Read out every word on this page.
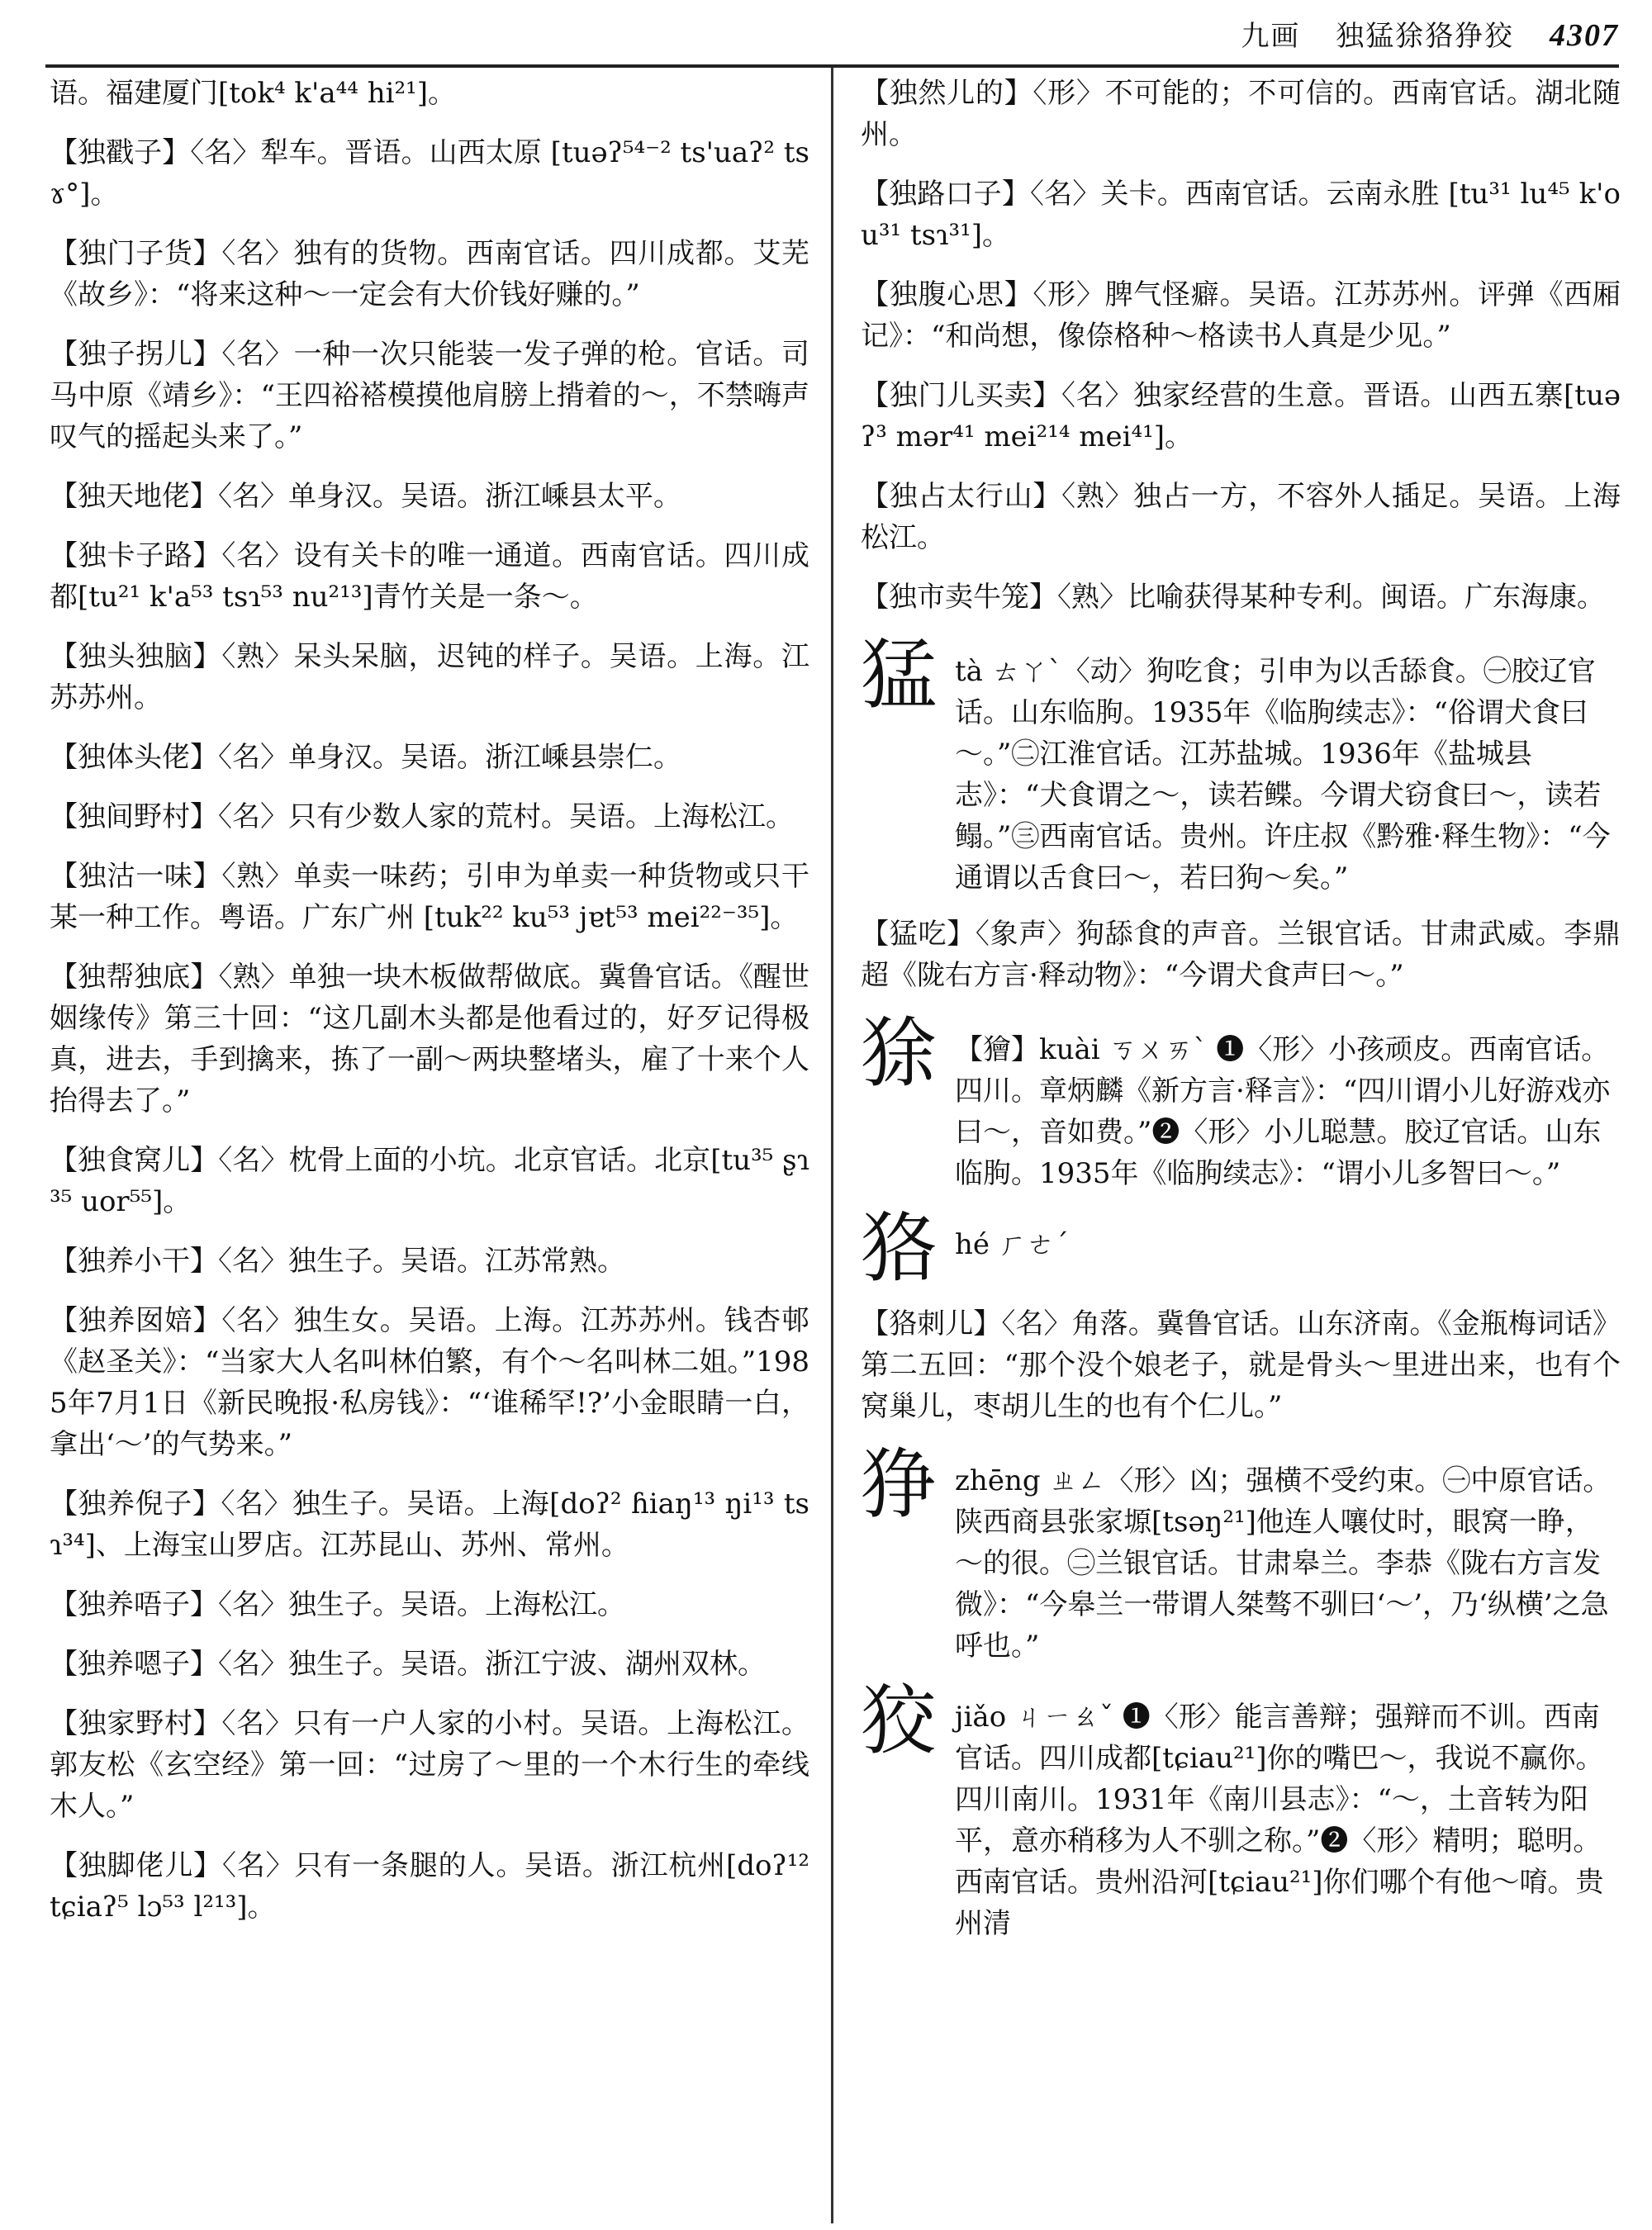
九画 独猛狳狢狰狡 4307

语。福建厦门[tok⁴ k'a⁴⁴ hi²¹]。

【独戳子】〈名〉犁车。晋语。山西太原 [tuəʔ⁵⁴⁻² ts'uaʔ² tsɤ°]。

【独门子货】〈名〉独有的货物。西南官话。四川成都。艾芜《故乡》：“将来这种～一定会有大价钱好赚的。”

【独子拐儿】〈名〉一种一次只能装一发子弹的枪。官话。司马中原《靖乡》：“王四裕褡模摸他肩膀上揹着的～，不禁嗨声叹气的摇起头来了。”

【独天地佬】〈名〉单身汉。吴语。浙江嵊县太平。

【独卡子路】〈名〉设有关卡的唯一通道。西南官话。四川成都[tu²¹ k'a⁵³ tsɿ⁵³ nu²¹³]青竹关是一条～。

【独头独脑】〈熟〉呆头呆脑，迟钝的样子。吴语。上海。江苏苏州。

【独体头佬】〈名〉单身汉。吴语。浙江嵊县崇仁。

【独间野村】〈名〉只有少数人家的荒村。吴语。上海松江。

【独沽一味】〈熟〉单卖一味药；引申为单卖一种货物或只干某一种工作。粤语。广东广州 [tuk²² ku⁵³ jɐt⁵³ mei²²⁻³⁵]。

【独帮独底】〈熟〉单独一块木板做帮做底。冀鲁官话。《醒世姻缘传》第三十回：“这几副木头都是他看过的，好歹记得极真，进去，手到擒来，拣了一副～两块整堵头，雇了十来个人抬得去了。”

【独食窝儿】〈名〉枕骨上面的小坑。北京官话。北京[tu³⁵ ʂɿ³⁵ uor⁵⁵]。

【独养小干】〈名〉独生子。吴语。江苏常熟。

【独养囡婄】〈名〉独生女。吴语。上海。江苏苏州。钱杏邨《赵圣关》：“当家大人名叫林伯繁，有个～名叫林二姐。”1985年7月1日《新民晚报·私房钱》：“‘谁稀罕!?’小金眼睛一白，拿出‘～’的气势来。”

【独养倪子】〈名〉独生子。吴语。上海[doʔ² ɦiaŋ¹³ ŋi¹³ tsɿ³⁴]、上海宝山罗店。江苏昆山、苏州、常州。

【独养唔子】〈名〉独生子。吴语。上海松江。

【独养嗯子】〈名〉独生子。吴语。浙江宁波、湖州双林。

【独家野村】〈名〉只有一户人家的小村。吴语。上海松江。郭友松《玄空经》第一回：“过房了～里的一个木行生的牵线木人。”

【独脚佬儿】〈名〉只有一条腿的人。吴语。浙江杭州[doʔ¹² tɕiaʔ⁵ lɔ⁵³ l²¹³]。

【独然儿的】〈形〉不可能的；不可信的。西南官话。湖北随州。

【独路口子】〈名〉关卡。西南官话。云南永胜 [tu³¹ lu⁴⁵ k'ou³¹ tsɿ³¹]。

【独腹心思】〈形〉脾气怪癖。吴语。江苏苏州。评弹《西厢记》：“和尚想，像倷格种～格读书人真是少见。”

【独门儿买卖】〈名〉独家经营的生意。晋语。山西五寨[tuəʔ³ mər⁴¹ mei²¹⁴ mei⁴¹]。

【独占太行山】〈熟〉独占一方，不容外人插足。吴语。上海松江。

【独市卖牛笼】〈熟〉比喻获得某种专利。闽语。广东海康。

猛 tà ㄊㄚˋ〈动〉狗吃食；引申为以舌舔食。㊀胶辽官话。山东临朐。1935年《临朐续志》：“俗谓犬食曰～。”㊁江淮官话。江苏盐城。1936年《盐城县志》：“犬食谓之～，读若鲽。今谓犬窃食曰～，读若鳎。”㊂西南官话。贵州。许庄叔《黔雅·释生物》：“今通谓以舌食曰～，若曰狗～矣。”

【猛吃】〈象声〉狗舔食的声音。兰银官话。甘肃武威。李鼎超《陇右方言·释动物》：“今谓犬食声曰～。”

狳 【獪】kuài ㄎㄨㄞˋ ❶〈形〉小孩顽皮。西南官话。四川。章炳麟《新方言·释言》：“四川谓小儿好游戏亦曰～，音如费。”❷〈形〉小儿聪慧。胶辽官话。山东临朐。1935年《临朐续志》：“谓小儿多智曰～。”
狢 hé ㄏㄜˊ

【狢刺儿】〈名〉角落。冀鲁官话。山东济南。《金瓶梅词话》第二五回：“那个没个娘老子，就是骨头～里进出来，也有个窝巢儿，枣胡儿生的也有个仁儿。”

狰 zhēng ㄓㄥ〈形〉凶；强横不受约束。㊀中原官话。陕西商县张家塬[tsəŋ²¹]他连人嚷仗时，眼窝一睁，～的很。㊁兰银官话。甘肃皋兰。李恭《陇右方言发微》：“今皋兰一带谓人桀骜不驯曰‘～’，乃‘纵横’之急呼也。”
狡 jiǎo ㄐㄧㄠˇ ❶〈形〉能言善辩；强辩而不训。西南官话。四川成都[tɕiau²¹]你的嘴巴～，我说不赢你。四川南川。1931年《南川县志》：“～，土音转为阳平，意亦稍移为人不驯之称。”❷〈形〉精明；聪明。西南官话。贵州沿河[tɕiau²¹]你们哪个有他～唷。贵州清
